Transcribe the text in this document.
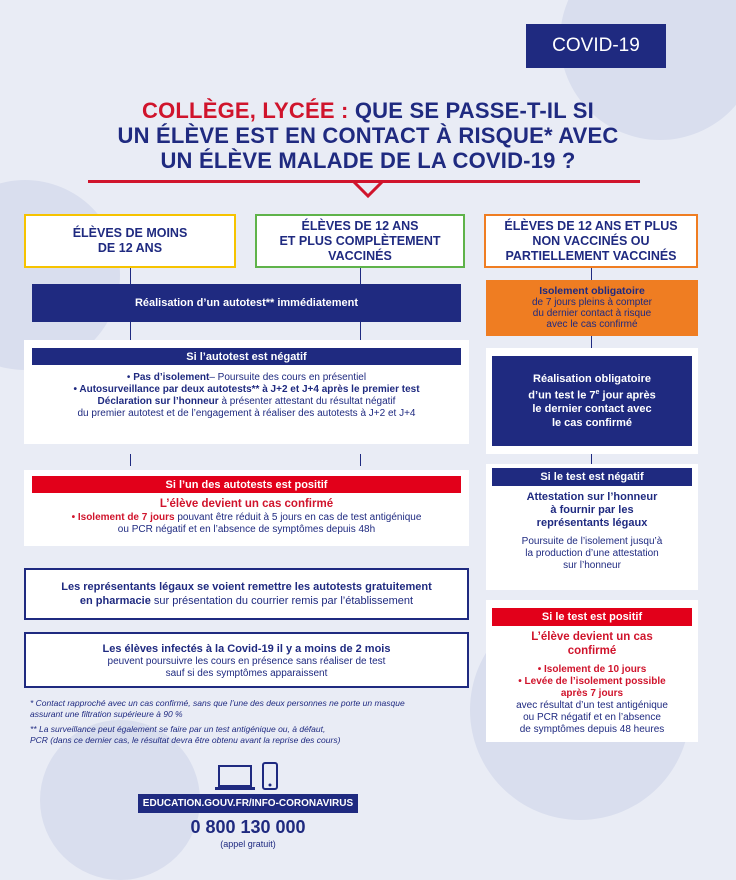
COVID-19
COLLÈGE, LYCÉE : QUE SE PASSE-T-IL SI
UN ÉLÈVE EST EN CONTACT À RISQUE* AVEC
UN ÉLÈVE MALADE DE LA COVID-19 ?
ÉLÈVES DE MOINS
DE 12 ANS
ÉLÈVES DE 12 ANS
ET PLUS COMPLÈTEMENT
VACCINÉS
ÉLÈVES DE 12 ANS ET PLUS
NON VACCINÉS OU
PARTIELLEMENT VACCINÉS
Réalisation d’un autotest** immédiatement
Si l’autotest est négatif
• Pas d’isolement– Poursuite des cours en présentiel
• Autosurveillance par deux autotests** à J+2 et J+4 après le premier test
Déclaration sur l’honneur à présenter attestant du résultat négatif
du premier autotest et de l’engagement à réaliser des autotests à J+2 et J+4
Si l’un des autotests est positif
L’élève devient un cas confirmé
• Isolement de 7 jours pouvant être réduit à 5 jours en cas de test antigénique
ou PCR négatif et en l’absence de symptômes depuis 48h
Les représentants légaux se voient remettre les autotests gratuitement
en pharmacie sur présentation du courrier remis par l’établissement
Les élèves infectés à la Covid-19 il y a moins de 2 mois
peuvent poursuivre les cours en présence sans réaliser de test
sauf si des symptômes apparaissent
* Contact rapproché avec un cas confirmé, sans que l’une des deux personnes ne porte un masque
assurant une filtration supérieure à 90 %
** La surveillance peut également se faire par un test antigénique ou, à défaut,
PCR (dans ce dernier cas, le résultat devra être obtenu avant la reprise des cours)
EDUCATION.GOUV.FR/INFO-CORONAVIRUS
0 800 130 000
(appel gratuit)
Isolement obligatoire
de 7 jours pleins à compter
du dernier contact à risque
avec le cas confirmé
Réalisation obligatoire
d’un test le 7e jour après
le dernier contact avec
le cas confirmé
Si le test est négatif
Attestation sur l’honneur
à fournir par les
représentants légaux
Poursuite de l’isolement jusqu’à
la production d’une attestation
sur l’honneur
Si le test est positif
L’élève devient un cas
confirmé
• Isolement de 10 jours
• Levée de l’isolement possible
après 7 jours
avec résultat d’un test antigénique
ou PCR négatif et en l’absence
de symptômes depuis 48 heures
